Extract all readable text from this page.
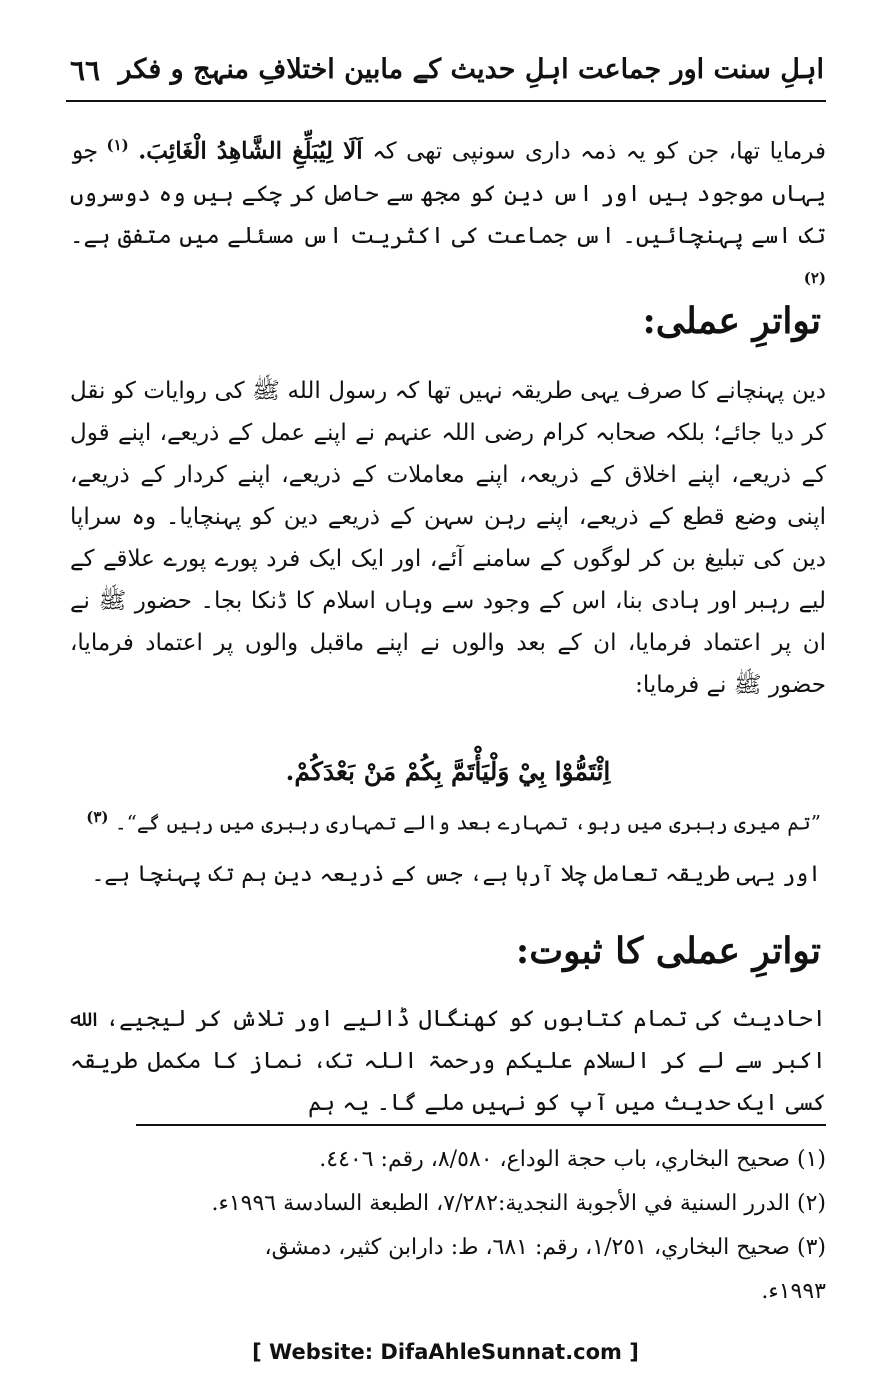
اہلِ سنت اور جماعت اہلِ حدیث کے مابین اختلافِ منہج و فکر
٦٦

فرمایا تھا، جن کو یہ ذمہ داری سونپی تھی کہ اَلَا لِیُبَلِّغِ الشَّاهِدُ الْغَائِبَ. $^{(١)}$ جو یہاں موجود ہیں اور اس دین کو مجھ سے حاصل کر چکے ہیں وہ دوسروں تک اسے پہنچائیں۔ اس جماعت کی اکثریت اس مسئلے میں متفق ہے۔ $^{(٢)}$

تواترِ عملی:

دین پہنچانے کا صرف یہی طریقہ نہیں تھا کہ رسول الله ﷺ کی روایات کو نقل کر دیا جائے؛ بلکہ صحابہ کرام رضی اللہ عنہم نے اپنے عمل کے ذریعے، اپنے قول کے ذریعے، اپنے اخلاق کے ذریعہ، اپنے معاملات کے ذریعے، اپنے کردار کے ذریعے، اپنی وضع قطع کے ذریعے، اپنے رہن سہن کے ذریعے دین کو پہنچایا۔ وہ سراپا دین کی تبلیغ بن کر لوگوں کے سامنے آئے، اور ایک ایک فرد پورے پورے علاقے کے لیے رہبر اور ہادی بنا، اس کے وجود سے وہاں اسلام کا ڈنکا بجا۔ حضور ﷺ نے ان پر اعتماد فرمایا، ان کے بعد والوں نے اپنے ماقبل والوں پر اعتماد فرمایا، حضور ﷺ نے فرمایا:

اِئْتَمُّوْا بِيْ وَلْيَأْتَمَّ بِكُمْ مَنْ بَعْدَكُمْ.
”تم میری رہبری میں رہو، تمہارے بعد والے تمہاری رہبری میں رہیں گے“۔ $^{(٣)}$
اور یہی طریقہ تعامل چلا آرہا ہے، جس کے ذریعہ دین ہم تک پہنچا ہے۔
تواترِ عملی کا ثبوت:

احادیث کی تمام کتابوں کو کھنگال ڈالیے اور تلاش کر لیجیے، الله اکبر سے لے کر السلام علیکم ورحمۃ اللہ تک، نماز کا مکمل طریقہ کسی ایک حدیث میں آپ کو نہیں ملے گا۔ یہ ہم

(١) صحيح البخاري، باب حجة الوداع، ٨/٥٨٠، رقم: ٤٤٠٦.

(٢) الدرر السنية في الأجوبة النجدية:٧/٢٨٢، الطبعة السادسة ١٩٩٦ء.

(٣) صحيح البخاري، ١/٢٥١، رقم: ٦٨١، ط: دارابن كثير، دمشق،

١٩٩٣ء.

[ Website: DifaAhleSunnat.com ]
